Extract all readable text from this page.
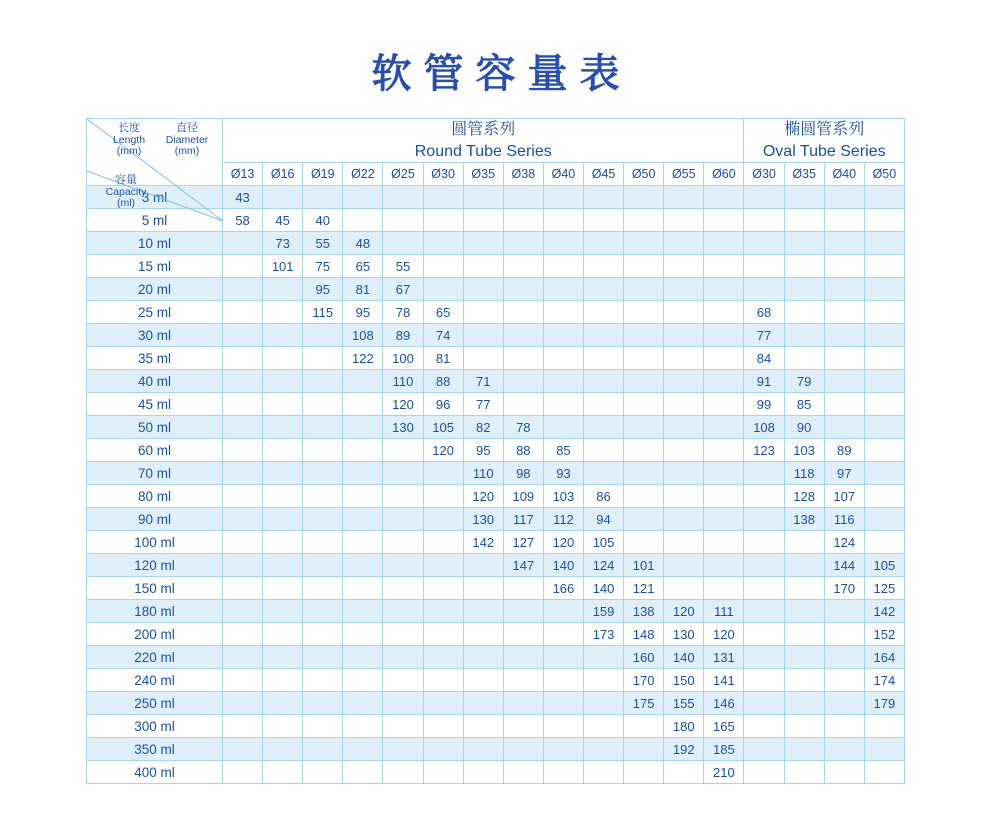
软管容量表
长度
Length
(mm)
直径
Diameter
(mm)
容量
Capacity
(ml)

圆管系列
Round Tube Series

椭圆管系列
Oval Tube Series

	Ø13	Ø16	Ø19	Ø22	Ø25	Ø30	Ø35	Ø38	Ø40	Ø45	Ø50	Ø55	Ø60	Ø30	Ø35	Ø40	Ø50
3 ml	43																
5 ml	58	45	40														
10 ml		73	55	48													
15 ml		101	75	65	55												
20 ml			95	81	67												
25 ml			115	95	78	65								68			
30 ml				108	89	74								77			
35 ml				122	100	81								84			
40 ml					110	88	71							91	79		
45 ml					120	96	77							99	85		
50 ml					130	105	82	78						108	90		
60 ml						120	95	88	85					123	103	89	
70 ml							110	98	93						118	97	
80 ml							120	109	103	86					128	107	
90 ml							130	117	112	94					138	116	
100 ml							142	127	120	105						124	
120 ml								147	140	124	101					144	105
150 ml									166	140	121					170	125
180 ml										159	138	120	111				142
200 ml										173	148	130	120				152
220 ml											160	140	131				164
240 ml											170	150	141				174
250 ml											175	155	146				179
300 ml												180	165				
350 ml												192	185				
400 ml													210				
